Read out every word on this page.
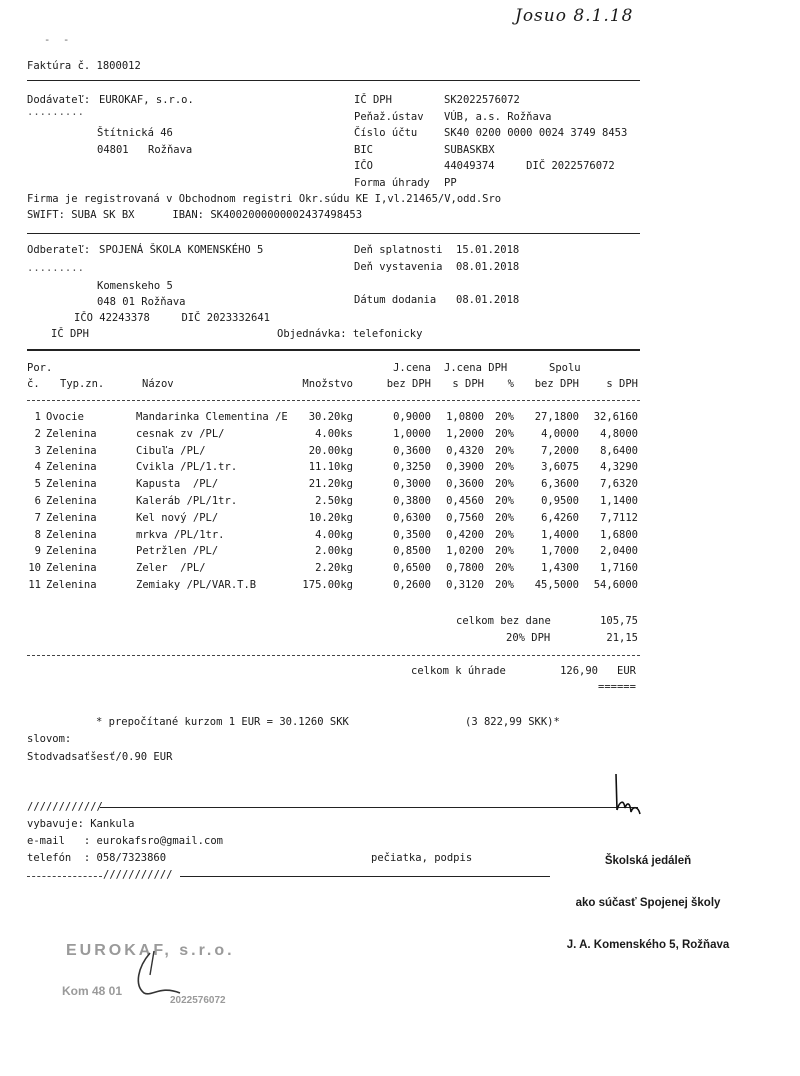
Josuo 8.1.18
-  -
Faktúra č. 1800012
Dodávateľ: EUROKAF, s.r.o.
.........
Štítnická 46
04801 Rožňava
IČ DPH	SK2022576072
Peňaž.ústav VÚB, a.s. Rožňava
Číslo účtu	SK40 0200 0000 0024 3749 8453
BIC	SUBASKBX
IČO	44049374     DIČ 2022576072
Forma úhrady PP
Firma je registrovaná v Obchodnom registri Okr.súdu KE I,vl.21465/V,odd.Sro
SWIFT: SUBA SK BX      IBAN: SK4002000000002437498453
Odberateľ: SPOJENÁ ŠKOLA KOMENSKÉHO 5
.........
Komenskeho 5
048 01 Rožňava
IČO 42243378     DIČ 2023332641
IČ DPH	Objednávka: telefonicky
Deň splatnosti 15.01.2018
Deň vystavenia 08.01.2018
Dátum dodania 08.01.2018
Por.	J.cena J.cena DPH	Spolu
č. Typ.zn.	Názov	Množstvo	bez DPH	s DPH	%	bez DPH	s DPH
1 Ovocie	Mandarinka Clementina /E	30.20kg	0,9000	1,0800	20%	27,1800	32,6160
2 Zelenina	cesnak zv /PL/	4.00ks	1,0000	1,2000	20%	4,0000	4,8000
3 Zelenina	Cibuľa /PL/	20.00kg	0,3600	0,4320	20%	7,2000	8,6400
4 Zelenina	Cvikla /PL/1.tr.	11.10kg	0,3250	0,3900	20%	3,6075	4,3290
5 Zelenina	Kapusta  /PL/	21.20kg	0,3000	0,3600	20%	6,3600	7,6320
6 Zelenina	Kaleráb /PL/1tr.	2.50kg	0,3800	0,4560	20%	0,9500	1,1400
7 Zelenina	Kel nový /PL/	10.20kg	0,6300	0,7560	20%	6,4260	7,7112
8 Zelenina	mrkva /PL/1tr.	4.00kg	0,3500	0,4200	20%	1,4000	1,6800
9 Zelenina	Petržlen /PL/	2.00kg	0,8500	1,0200	20%	1,7000	2,0400
10 Zelenina	Zeler  /PL/	2.20kg	0,6500	0,7800	20%	1,4300	1,7160
11 Zelenina	Zemiaky /PL/VAR.T.B	175.00kg	0,2600	0,3120	20%	45,5000	54,6000
celkom bez dane	105,75
20% DPH	21,15
celkom k úhrade	126,90 EUR
======
* prepočítané kurzom 1 EUR = 30.1260 SKK	(3 822,99 SKK)*
slovom:
Stodvadsaťšesť/0.90 EUR
////////////
vybavuje: Kankula
e-mail   : eurokafsro@gmail.com
telefón  : 058/7323860	pečiatka, podpis
///////////

Školská jedáleň

ako súčasť Spojenej školy

J. A. Komenského 5, Rožňava

EUROKAF, s.r.o.
Kom 48 01
2022576072
